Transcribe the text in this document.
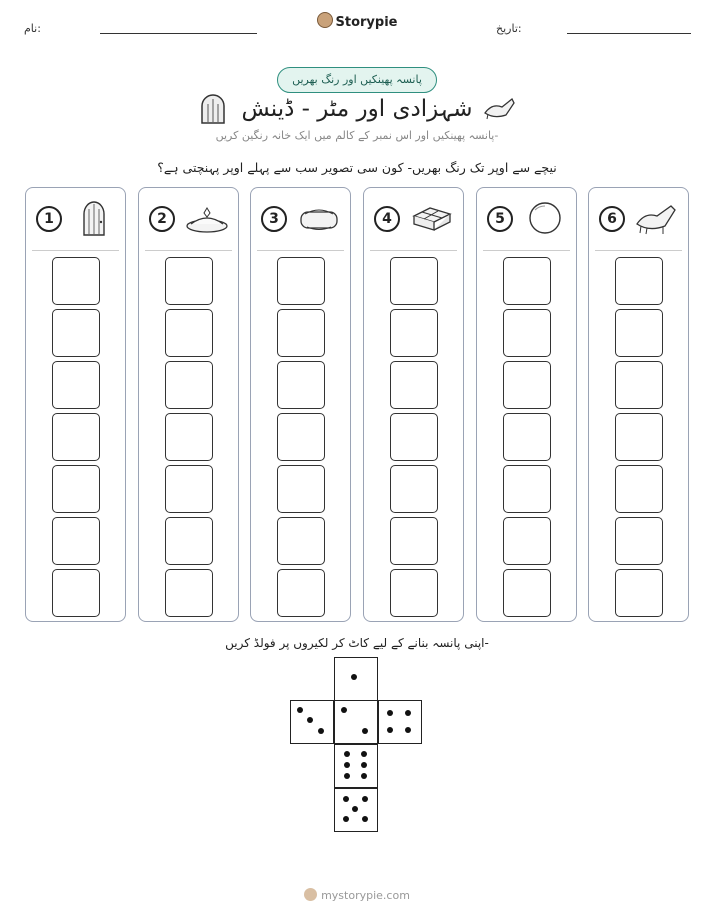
نام:	Storypie	تاریخ:
پانسہ پھینکیں اور رنگ بھریں
شہزادی اور مٹر - ڈینش
پانسہ پھینکیں اور اس نمبر کے کالم میں ایک خانہ رنگین کریں-
نیچے سے اوپر تک رنگ بھریں- کون سی تصویر سب سے پہلے اوپر پہنچتی ہے؟
1	2	3	4	5	6
اپنی پانسہ بنانے کے لیے کاٹ کر لکیروں پر فولڈ کریں-
mystorypie.com
